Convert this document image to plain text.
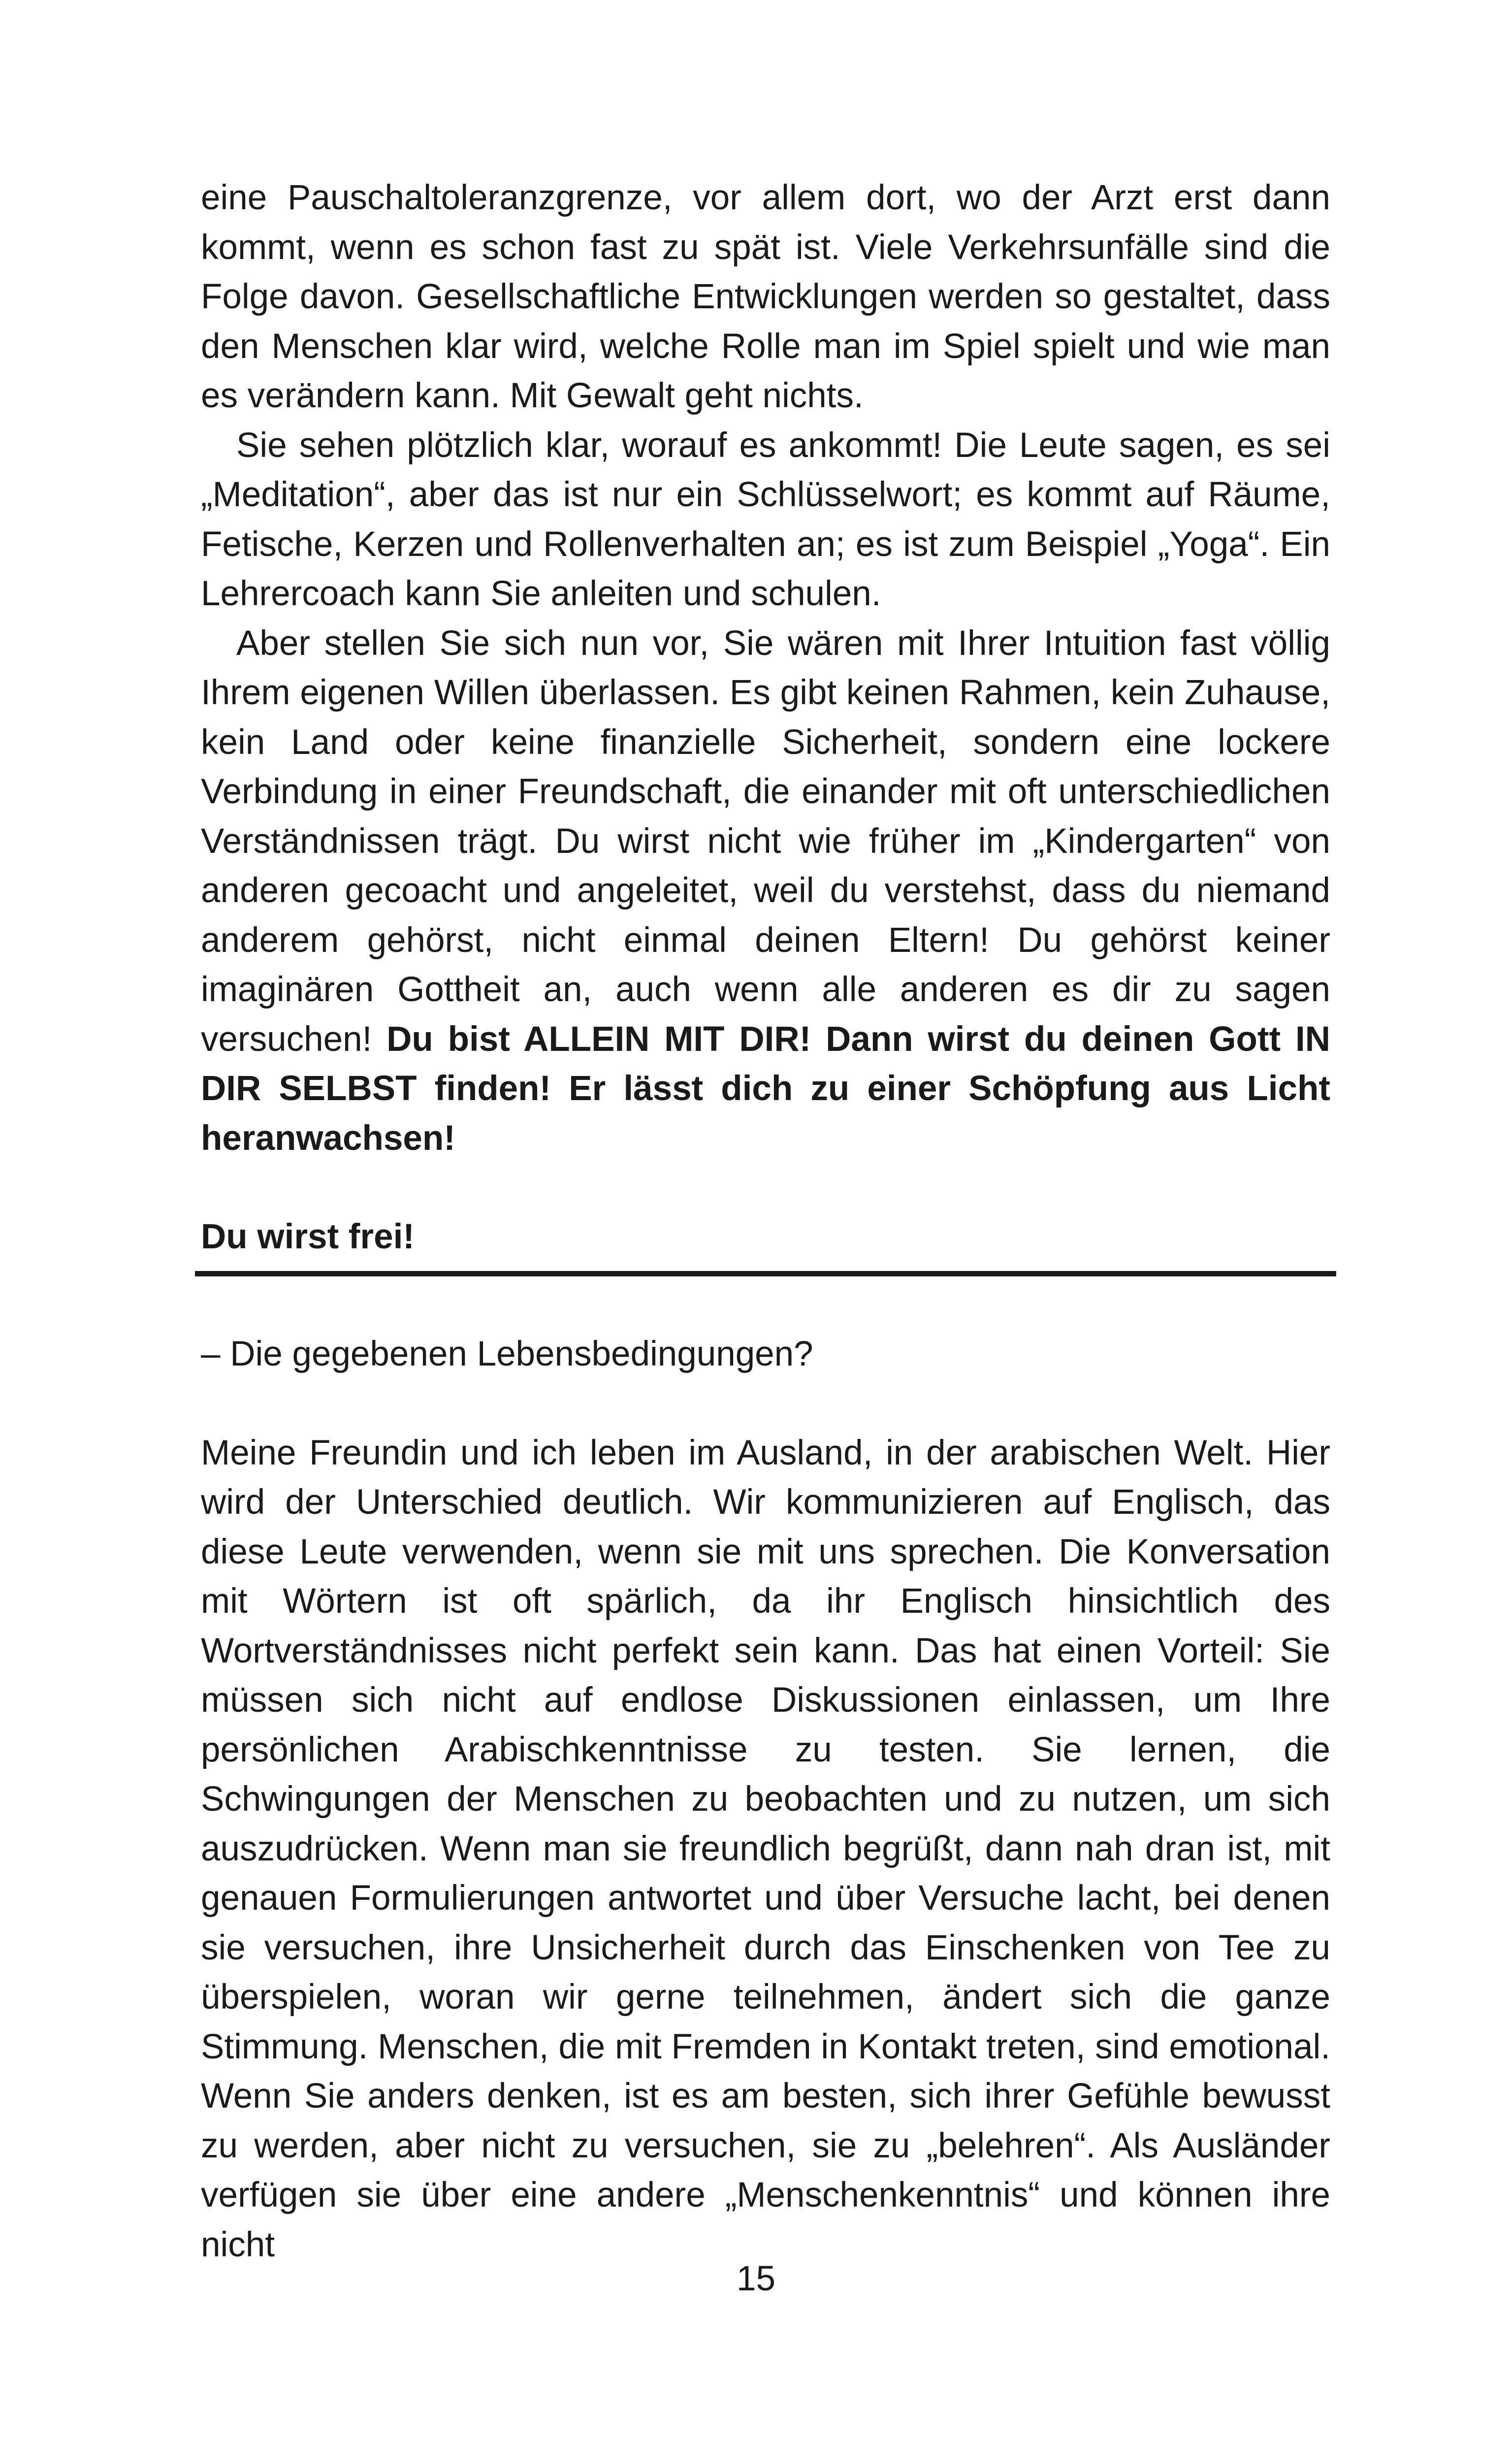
eine Pauschaltoleranzgrenze, vor allem dort, wo der Arzt erst dann kommt, wenn es schon fast zu spät ist. Viele Verkehrsunfälle sind die Folge davon. Gesellschaftliche Entwicklungen werden so gestaltet, dass den Menschen klar wird, welche Rolle man im Spiel spielt und wie man es verändern kann. Mit Gewalt geht nichts.

Sie sehen plötzlich klar, worauf es ankommt! Die Leute sagen, es sei „Meditation“, aber das ist nur ein Schlüsselwort; es kommt auf Räume, Fetische, Kerzen und Rollenverhalten an; es ist zum Beispiel „Yoga“. Ein Lehrercoach kann Sie anleiten und schulen.

Aber stellen Sie sich nun vor, Sie wären mit Ihrer Intuition fast völlig Ihrem eigenen Willen überlassen. Es gibt keinen Rahmen, kein Zuhause, kein Land oder keine finanzielle Sicherheit, sondern eine lockere Verbindung in einer Freundschaft, die einander mit oft unterschiedlichen Verständnissen trägt. Du wirst nicht wie früher im „Kindergarten“ von anderen gecoacht und angeleitet, weil du verstehst, dass du niemand anderem gehörst, nicht einmal deinen Eltern! Du gehörst keiner imaginären Gottheit an, auch wenn alle anderen es dir zu sagen versuchen! Du bist ALLEIN MIT DIR! Dann wirst du deinen Gott IN DIR SELBST finden! Er lässt dich zu einer Schöpfung aus Licht heranwachsen!

Du wirst frei!

– Die gegebenen Lebensbedingungen?

Meine Freundin und ich leben im Ausland, in der arabischen Welt. Hier wird der Unterschied deutlich. Wir kommunizieren auf Englisch, das diese Leute verwenden, wenn sie mit uns sprechen. Die Konversation mit Wörtern ist oft spärlich, da ihr Englisch hinsichtlich des Wortverständnisses nicht perfekt sein kann. Das hat einen Vorteil: Sie müssen sich nicht auf endlose Diskussionen einlassen, um Ihre persönlichen Arabischkenntnisse zu testen. Sie lernen, die Schwingungen der Menschen zu beobachten und zu nutzen, um sich auszudrücken. Wenn man sie freundlich begrüßt, dann nah dran ist, mit genauen Formulierungen antwortet und über Versuche lacht, bei denen sie versuchen, ihre Unsicherheit durch das Einschenken von Tee zu überspielen, woran wir gerne teilnehmen, ändert sich die ganze Stimmung. Menschen, die mit Fremden in Kontakt treten, sind emotional. Wenn Sie anders denken, ist es am besten, sich ihrer Gefühle bewusst zu werden, aber nicht zu versuchen, sie zu „belehren“. Als Ausländer verfügen sie über eine andere „Menschenkenntnis“ und können ihre nicht

15
